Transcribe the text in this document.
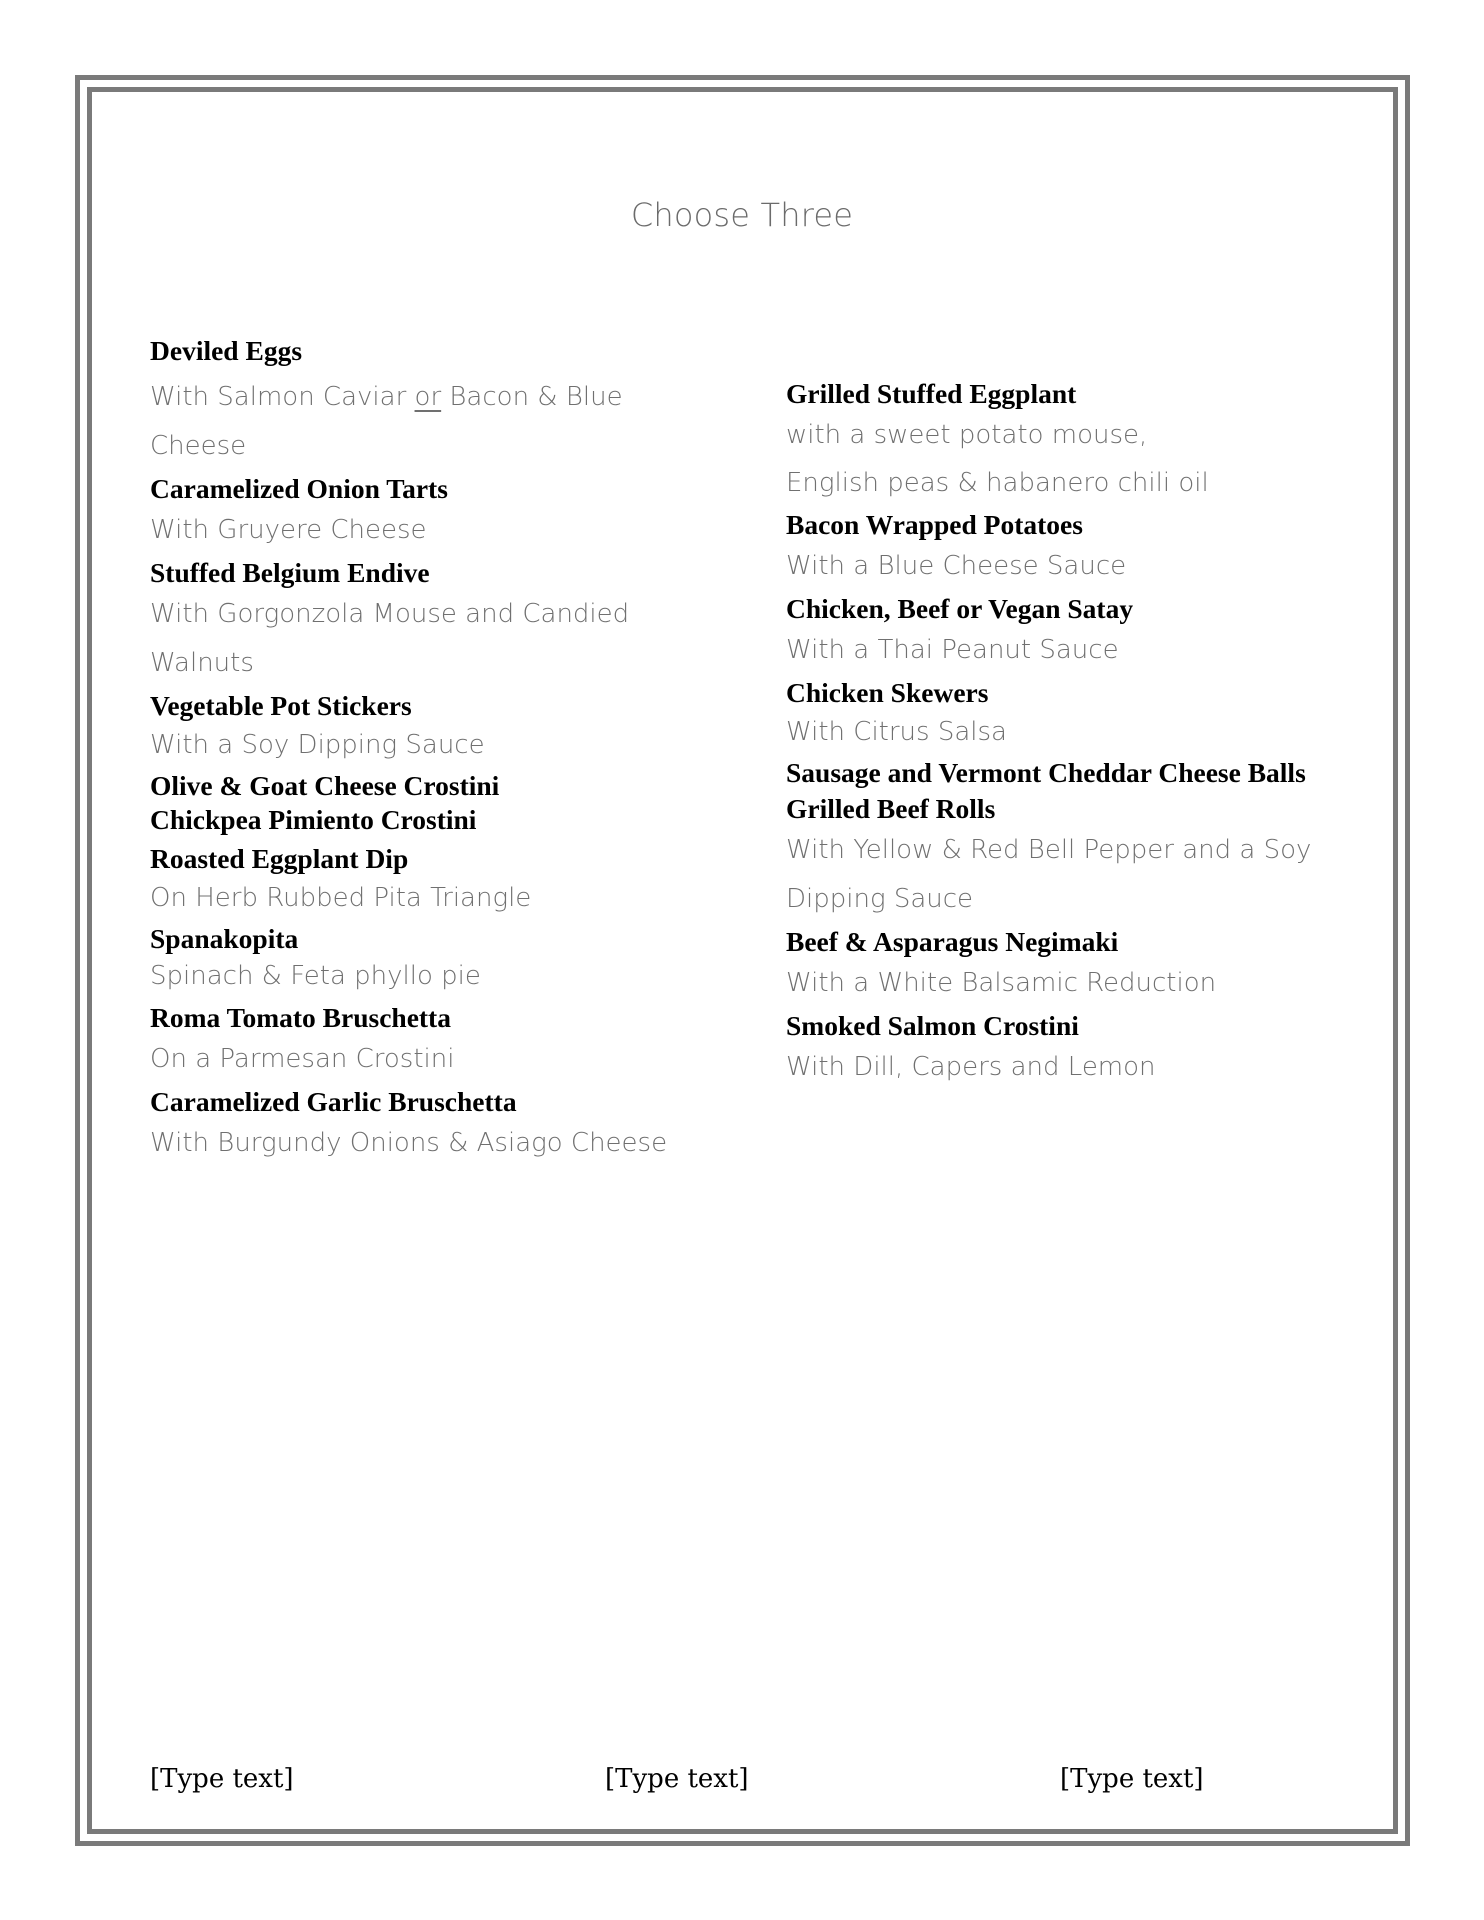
Choose Three

Deviled Eggs

With Salmon Caviar or Bacon & Blue Cheese

Caramelized Onion Tarts

With Gruyere Cheese

Stuffed Belgium Endive

With Gorgonzola Mouse and Candied Walnuts

Vegetable Pot Stickers

With a Soy Dipping Sauce

Olive & Goat Cheese Crostini

Chickpea Pimiento Crostini

Roasted Eggplant Dip

On Herb Rubbed Pita Triangle

Spanakopita

Spinach & Feta phyllo pie

Roma Tomato Bruschetta

On a Parmesan Crostini

Caramelized Garlic Bruschetta

With Burgundy Onions & Asiago Cheese

Grilled Stuffed Eggplant

with a sweet potato mouse,
English peas & habanero chili oil

Bacon Wrapped Potatoes

With a Blue Cheese Sauce

Chicken, Beef or Vegan Satay

With a Thai Peanut Sauce

Chicken Skewers

With Citrus Salsa

Sausage and Vermont Cheddar Cheese Balls

Grilled Beef Rolls

With Yellow & Red Bell Pepper and a Soy Dipping Sauce

Beef & Asparagus Negimaki

With a White Balsamic Reduction

Smoked Salmon Crostini

With Dill, Capers and Lemon

[Type text]	[Type text]	[Type text]
